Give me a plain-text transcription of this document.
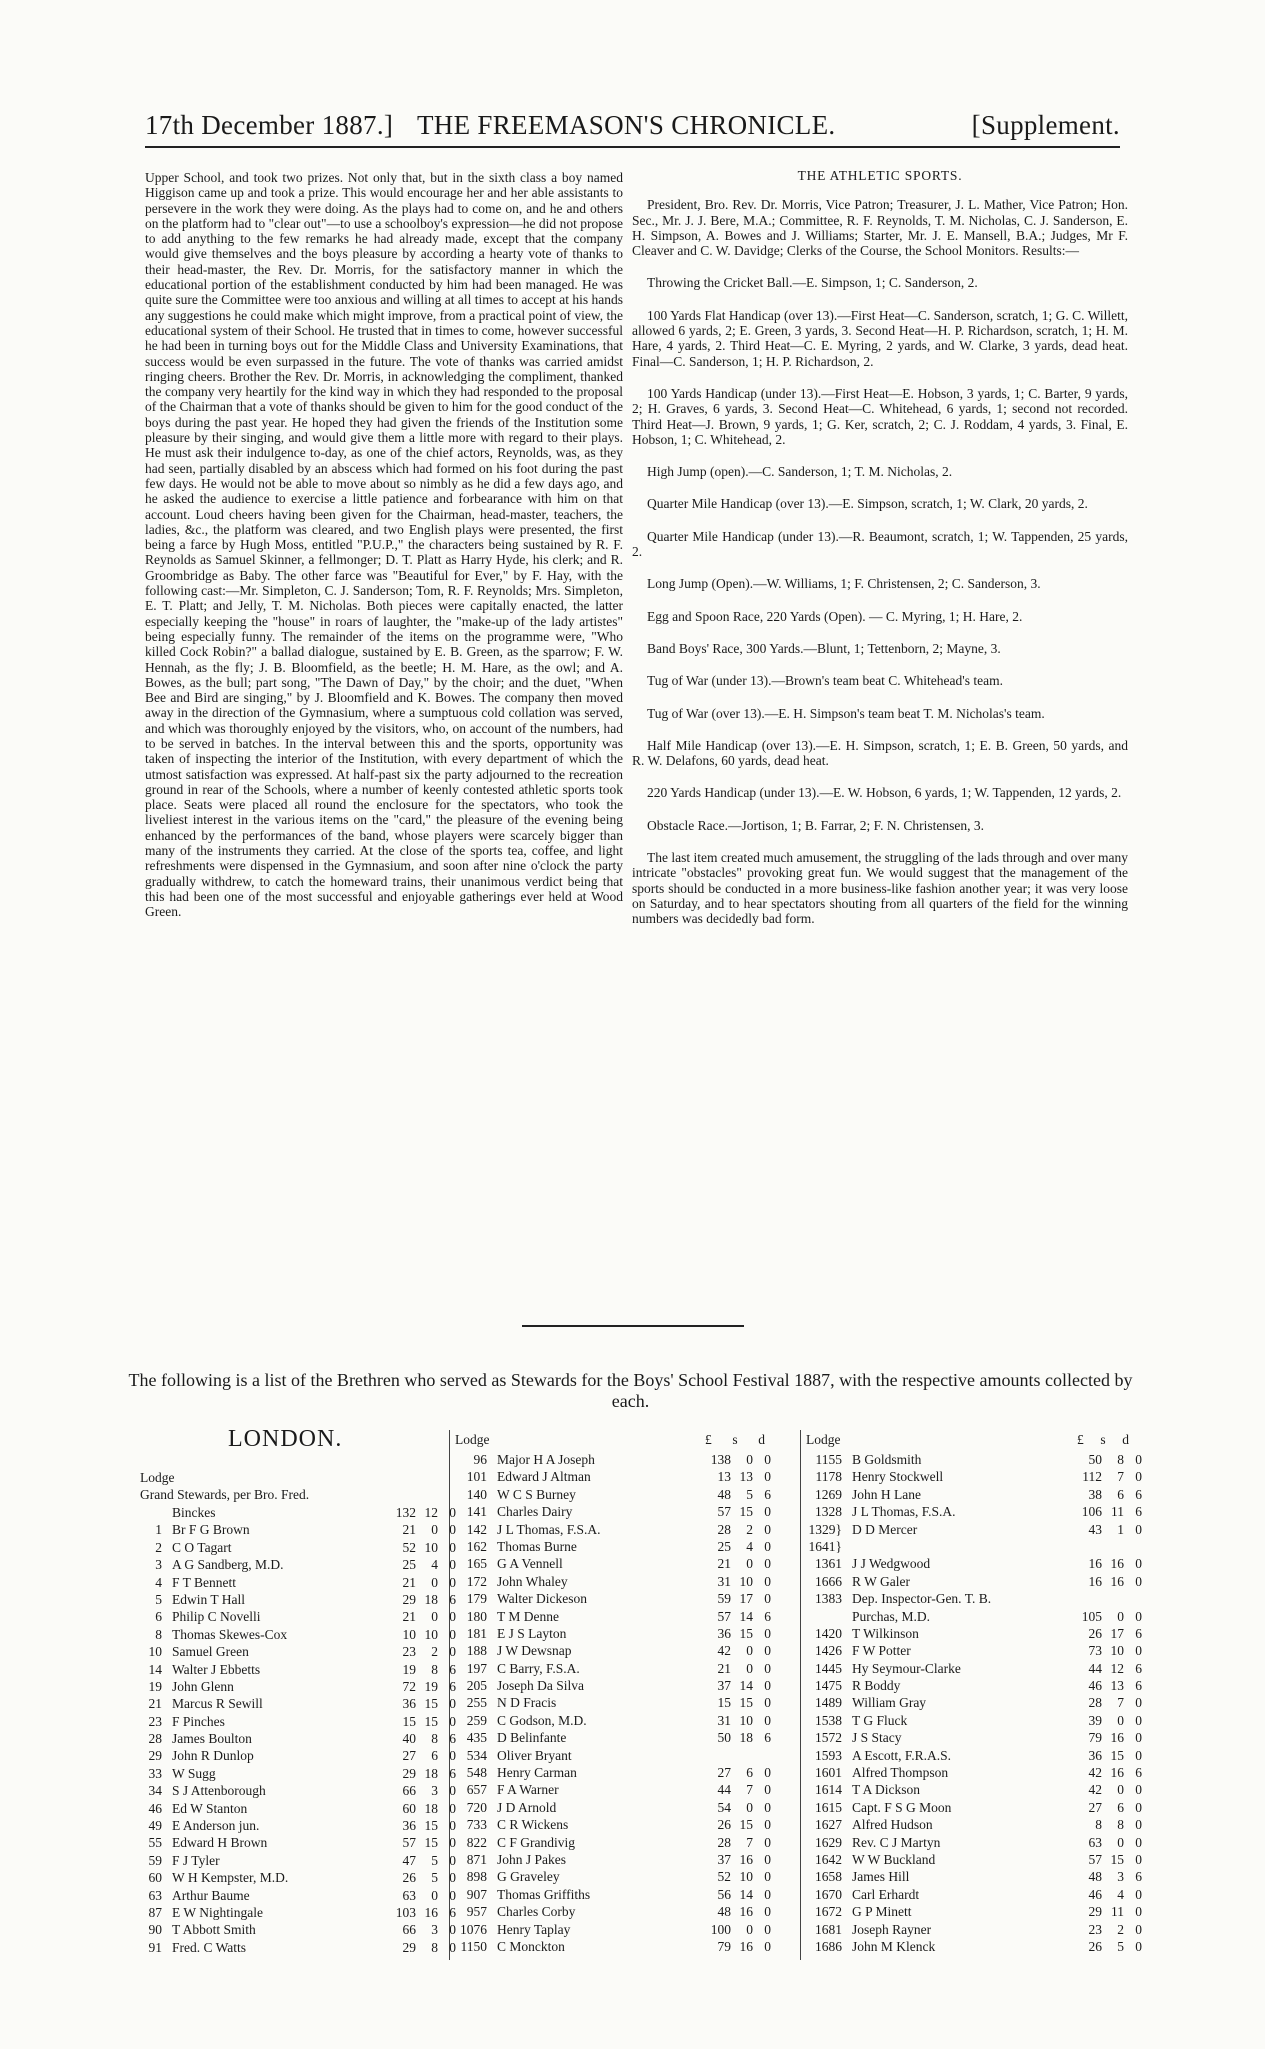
17th December 1887.] THE FREEMASON'S CHRONICLE.	[Supplement.

Upper School, and took two prizes. Not only that, but in the sixth class a boy named Higgison came up and took a prize. This would encourage her and her able assistants to persevere in the work they were doing. As the plays had to come on, and he and others on the platform had to "clear out"—to use a schoolboy's expression—he did not propose to add anything to the few remarks he had already made, except that the company would give themselves and the boys pleasure by according a hearty vote of thanks to their head-master, the Rev. Dr. Morris, for the satisfactory manner in which the educational portion of the establishment conducted by him had been managed. He was quite sure the Committee were too anxious and willing at all times to accept at his hands any suggestions he could make which might improve, from a practical point of view, the educational system of their School. He trusted that in times to come, however successful he had been in turning boys out for the Middle Class and University Examinations, that success would be even surpassed in the future. The vote of thanks was carried amidst ringing cheers. Brother the Rev. Dr. Morris, in acknowledging the compliment, thanked the company very heartily for the kind way in which they had responded to the proposal of the Chairman that a vote of thanks should be given to him for the good conduct of the boys during the past year. He hoped they had given the friends of the Institution some pleasure by their singing, and would give them a little more with regard to their plays. He must ask their indulgence to-day, as one of the chief actors, Reynolds, was, as they had seen, partially disabled by an abscess which had formed on his foot during the past few days. He would not be able to move about so nimbly as he did a few days ago, and he asked the audience to exercise a little patience and forbearance with him on that account. Loud cheers having been given for the Chairman, head-master, teachers, the ladies, &c., the platform was cleared, and two English plays were presented, the first being a farce by Hugh Moss, entitled "P.U.P.," the characters being sustained by R. F. Reynolds as Samuel Skinner, a fellmonger; D. T. Platt as Harry Hyde, his clerk; and R. Groombridge as Baby. The other farce was "Beautiful for Ever," by F. Hay, with the following cast:—Mr. Simpleton, C. J. Sanderson; Tom, R. F. Reynolds; Mrs. Simpleton, E. T. Platt; and Jelly, T. M. Nicholas. Both pieces were capitally enacted, the latter especially keeping the "house" in roars of laughter, the "make-up of the lady artistes" being especially funny. The remainder of the items on the programme were, "Who killed Cock Robin?" a ballad dialogue, sustained by E. B. Green, as the sparrow; F. W. Hennah, as the fly; J. B. Bloomfield, as the beetle; H. M. Hare, as the owl; and A. Bowes, as the bull; part song, "The Dawn of Day," by the choir; and the duet, "When Bee and Bird are singing," by J. Bloomfield and K. Bowes. The company then moved away in the direction of the Gymnasium, where a sumptuous cold collation was served, and which was thoroughly enjoyed by the visitors, who, on account of the numbers, had to be served in batches. In the interval between this and the sports, opportunity was taken of inspecting the interior of the Institution, with every department of which the utmost satisfaction was expressed. At half-past six the party adjourned to the recreation ground in rear of the Schools, where a number of keenly contested athletic sports took place. Seats were placed all round the enclosure for the spectators, who took the liveliest interest in the various items on the "card," the pleasure of the evening being enhanced by the performances of the band, whose players were scarcely bigger than many of the instruments they carried. At the close of the sports tea, coffee, and light refreshments were dispensed in the Gymnasium, and soon after nine o'clock the party gradually withdrew, to catch the homeward trains, their unanimous verdict being that this had been one of the most successful and enjoyable gatherings ever held at Wood Green.

THE ATHLETIC SPORTS.

President, Bro. Rev. Dr. Morris, Vice Patron; Treasurer, J. L. Mather, Vice Patron; Hon. Sec., Mr. J. J. Bere, M.A.; Committee, R. F. Reynolds, T. M. Nicholas, C. J. Sanderson, E. H. Simpson, A. Bowes and J. Williams; Starter, Mr. J. E. Mansell, B.A.; Judges, Mr F. Cleaver and C. W. Davidge; Clerks of the Course, the School Monitors. Results:—

Throwing the Cricket Ball.—E. Simpson, 1; C. Sanderson, 2.

100 Yards Flat Handicap (over 13).—First Heat—C. Sanderson, scratch, 1; G. C. Willett, allowed 6 yards, 2; E. Green, 3 yards, 3. Second Heat—H. P. Richardson, scratch, 1; H. M. Hare, 4 yards, 2. Third Heat—C. E. Myring, 2 yards, and W. Clarke, 3 yards, dead heat. Final—C. Sanderson, 1; H. P. Richardson, 2.

100 Yards Handicap (under 13).—First Heat—E. Hobson, 3 yards, 1; C. Barter, 9 yards, 2; H. Graves, 6 yards, 3. Second Heat—C. Whitehead, 6 yards, 1; second not recorded. Third Heat—J. Brown, 9 yards, 1; G. Ker, scratch, 2; C. J. Roddam, 4 yards, 3. Final, E. Hobson, 1; C. Whitehead, 2.

High Jump (open).—C. Sanderson, 1; T. M. Nicholas, 2.

Quarter Mile Handicap (over 13).—E. Simpson, scratch, 1; W. Clark, 20 yards, 2.

Quarter Mile Handicap (under 13).—R. Beaumont, scratch, 1; W. Tappenden, 25 yards, 2.

Long Jump (Open).—W. Williams, 1; F. Christensen, 2; C. Sanderson, 3.

Egg and Spoon Race, 220 Yards (Open). — C. Myring, 1; H. Hare, 2.

Band Boys' Race, 300 Yards.—Blunt, 1; Tettenborn, 2; Mayne, 3.

Tug of War (under 13).—Brown's team beat C. Whitehead's team.

Tug of War (over 13).—E. H. Simpson's team beat T. M. Nicholas's team.

Half Mile Handicap (over 13).—E. H. Simpson, scratch, 1; E. B. Green, 50 yards, and R. W. Delafons, 60 yards, dead heat.

220 Yards Handicap (under 13).—E. W. Hobson, 6 yards, 1; W. Tappenden, 12 yards, 2.

Obstacle Race.—Jortison, 1; B. Farrar, 2; F. N. Christensen, 3.

The last item created much amusement, the struggling of the lads through and over many intricate "obstacles" provoking great fun. We would suggest that the management of the sports should be conducted in a more business-like fashion another year; it was very loose on Saturday, and to hear spectators shouting from all quarters of the field for the winning numbers was decidedly bad form.

The following is a list of the Brethren who served as Stewards for the Boys' School Festival 1887, with the respective amounts collected by each.
LONDON.
Lodge
Grand Stewards, per Bro. Fred.
Lodge	Lodge
£ s d	£ s d
	Binckes	132	12	0
1	Br F G Brown	21	0	0
2	C O Tagart	52	10	0
3	A G Sandberg, M.D.	25	4	0
4	F T Bennett	21	0	0
5	Edwin T Hall	29	18	6
6	Philip C Novelli	21	0	0
8	Thomas Skewes-Cox	10	10	0
10	Samuel Green	23	2	0
14	Walter J Ebbetts	19	8	6
19	John Glenn	72	19	6
21	Marcus R Sewill	36	15	0
23	F Pinches	15	15	0
28	James Boulton	40	8	6
29	John R Dunlop	27	6	0
33	W Sugg	29	18	6
34	S J Attenborough	66	3	0
46	Ed W Stanton	60	18	0
49	E Anderson jun.	36	15	0
55	Edward H Brown	57	15	0
59	F J Tyler	47	5	0
60	W H Kempster, M.D.	26	5	0
63	Arthur Baume	63	0	0
87	E W Nightingale	103	16	6
90	T Abbott Smith	66	3	0
91	Fred. C Watts	29	8	0
96	Major H A Joseph	138	0	0
101	Edward J Altman	13	13	0
140	W C S Burney	48	5	6
141	Charles Dairy	57	15	0
142	J L Thomas, F.S.A.	28	2	0
162	Thomas Burne	25	4	0
165	G A Vennell	21	0	0
172	John Whaley	31	10	0
179	Walter Dickeson	59	17	0
180	T M Denne	57	14	6
181	E J S Layton	36	15	0
188	J W Dewsnap	42	0	0
197	C Barry, F.S.A.	21	0	0
205	Joseph Da Silva	37	14	0
255	N D Fracis	15	15	0
259	C Godson, M.D.	31	10	0
435	D Belinfante	50	18	6
534	Oliver Bryant			
548	Henry Carman	27	6	0
657	F A Warner	44	7	0
720	J D Arnold	54	0	0
733	C R Wickens	26	15	0
822	C F Grandivig	28	7	0
871	John J Pakes	37	16	0
898	G Graveley	52	10	0
907	Thomas Griffiths	56	14	0
957	Charles Corby	48	16	0
1076	Henry Taplay	100	0	0
1150	C Monckton	79	16	0
1155	B Goldsmith	50	8	0
1178	Henry Stockwell	112	7	0
1269	John H Lane	38	6	6
1328	J L Thomas, F.S.A.	106	11	6
1329}	D D Mercer	43	1	0
1641}				
1361	J J Wedgwood	16	16	0
1666	R W Galer	16	16	0
1383	Dep. Inspector-Gen. T. B.			
	Purchas, M.D.	105	0	0
1420	T Wilkinson	26	17	6
1426	F W Potter	73	10	0
1445	Hy Seymour-Clarke	44	12	6
1475	R Boddy	46	13	6
1489	William Gray	28	7	0
1538	T G Fluck	39	0	0
1572	J S Stacy	79	16	0
1593	A Escott, F.R.A.S.	36	15	0
1601	Alfred Thompson	42	16	6
1614	T A Dickson	42	0	0
1615	Capt. F S G Moon	27	6	0
1627	Alfred Hudson	8	8	0
1629	Rev. C J Martyn	63	0	0
1642	W W Buckland	57	15	0
1658	James Hill	48	3	6
1670	Carl Erhardt	46	4	0
1672	G P Minett	29	11	0
1681	Joseph Rayner	23	2	0
1686	John M Klenck	26	5	0
